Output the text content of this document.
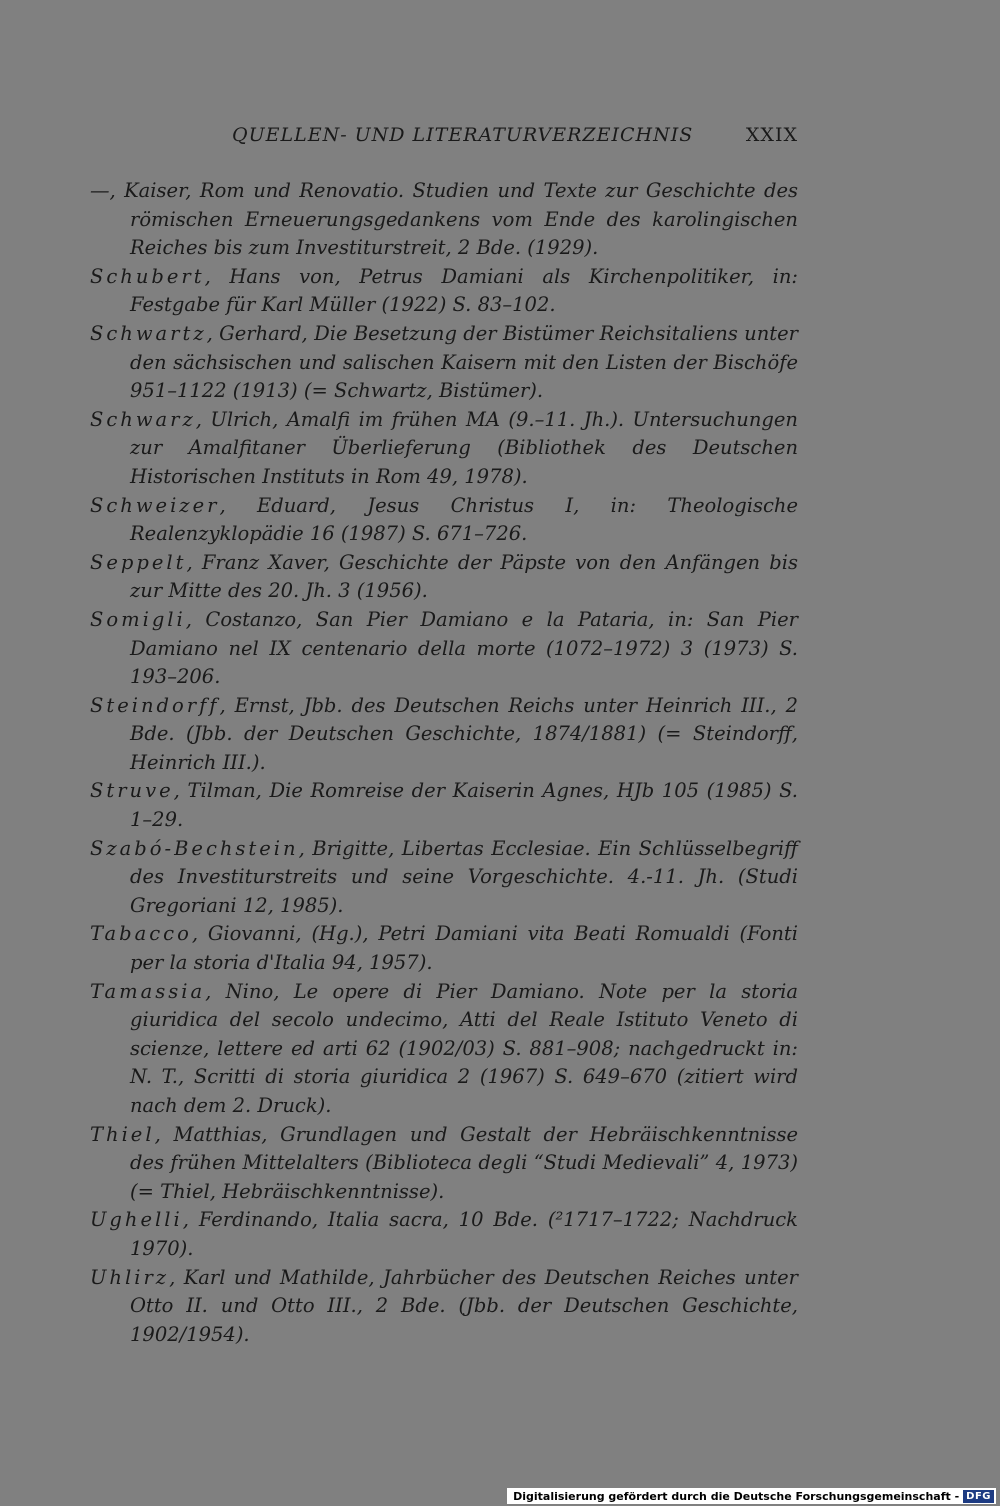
QUELLEN- UND LITERATURVERZEICHNIS	XXIX

—, Kaiser, Rom und Renovatio. Studien und Texte zur Geschichte des römischen Erneuerungsgedankens vom Ende des karolingischen Reiches bis zum Investiturstreit, 2 Bde. (1929).

Schubert, Hans von, Petrus Damiani als Kirchenpolitiker, in: Festgabe für Karl Müller (1922) S. 83–102.

Schwartz, Gerhard, Die Besetzung der Bistümer Reichsitaliens unter den sächsischen und salischen Kaisern mit den Listen der Bischöfe 951–1122 (1913) (= Schwartz, Bistümer).

Schwarz, Ulrich, Amalfi im frühen MA (9.–11. Jh.). Untersuchungen zur Amalfitaner Überlieferung (Bibliothek des Deutschen Historischen Instituts in Rom 49, 1978).

Schweizer, Eduard, Jesus Christus I, in: Theologische Realenzyklopädie 16 (1987) S. 671–726.

Seppelt, Franz Xaver, Geschichte der Päpste von den Anfängen bis zur Mitte des 20. Jh. 3 (1956).

Somigli, Costanzo, San Pier Damiano e la Pataria, in: San Pier Damiano nel IX centenario della morte (1072–1972) 3 (1973) S. 193–206.

Steindorff, Ernst, Jbb. des Deutschen Reichs unter Heinrich III., 2 Bde. (Jbb. der Deutschen Geschichte, 1874/1881) (= Steindorff, Heinrich III.).

Struve, Tilman, Die Romreise der Kaiserin Agnes, HJb 105 (1985) S. 1–29.

Szabó-Bechstein, Brigitte, Libertas Ecclesiae. Ein Schlüsselbegriff des Investiturstreits und seine Vorgeschichte. 4.-11. Jh. (Studi Gregoriani 12, 1985).

Tabacco, Giovanni, (Hg.), Petri Damiani vita Beati Romualdi (Fonti per la storia d'Italia 94, 1957).

Tamassia, Nino, Le opere di Pier Damiano. Note per la storia giuridica del secolo undecimo, Atti del Reale Istituto Veneto di scienze, lettere ed arti 62 (1902/03) S. 881–908; nachgedruckt in: N. T., Scritti di storia giuridica 2 (1967) S. 649–670 (zitiert wird nach dem 2. Druck).

Thiel, Matthias, Grundlagen und Gestalt der Hebräischkenntnisse des frühen Mittelalters (Biblioteca degli “Studi Medievali” 4, 1973) (= Thiel, Hebräischkenntnisse).

Ughelli, Ferdinando, Italia sacra, 10 Bde. (²1717–1722; Nachdruck 1970).

Uhlirz, Karl und Mathilde, Jahrbücher des Deutschen Reiches unter Otto II. und Otto III., 2 Bde. (Jbb. der Deutschen Geschichte, 1902/1954).

Digitalisierung gefördert durch die Deutsche Forschungsgemeinschaft - DFG
